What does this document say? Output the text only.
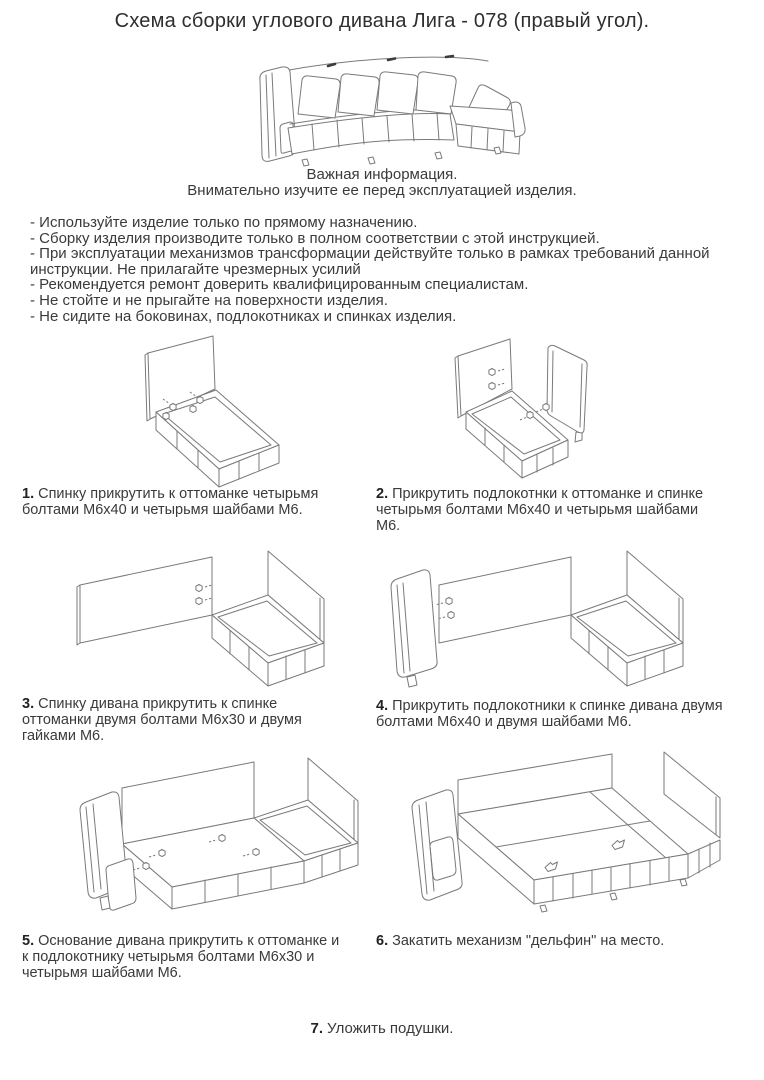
Схема сборки углового дивана Лига - 078 (правый угол).
Важная информация.
Внимательно изучите ее перед эксплуатацией изделия.
- Используйте изделие только по прямому назначению.
- Сборку изделия производите только в полном соответствии с этой инструкцией.
- При эксплуатации механизмов трансформации действуйте только в рамках требований данной инструкции. Не прилагайте чрезмерных усилий
- Рекомендуется ремонт доверить квалифицированным специалистам.
- Не стойте и не прыгайте на поверхности изделия.
- Не сидите на боковинах, подлокотниках и спинках изделия.
1. Спинку прикрутить к оттоманке четырьмя болтами М6х40 и четырьмя шайбами М6.
2. Прикрутить подлокотнки к оттоманке и спинке четырьмя болтами М6х40 и четырьмя шайбами М6.
3. Спинку дивана прикрутить к спинке оттоманки двумя болтами М6х30 и двумя гайками М6.
4. Прикрутить подлокотники к спинке дивана двумя болтами М6х40 и двумя шайбами М6.
5. Основание дивана прикрутить к оттоманке и к подлокотнику четырьмя болтами М6х30 и четырьмя шайбами М6.
6. Закатить механизм "дельфин" на место.
7. Уложить подушки.
